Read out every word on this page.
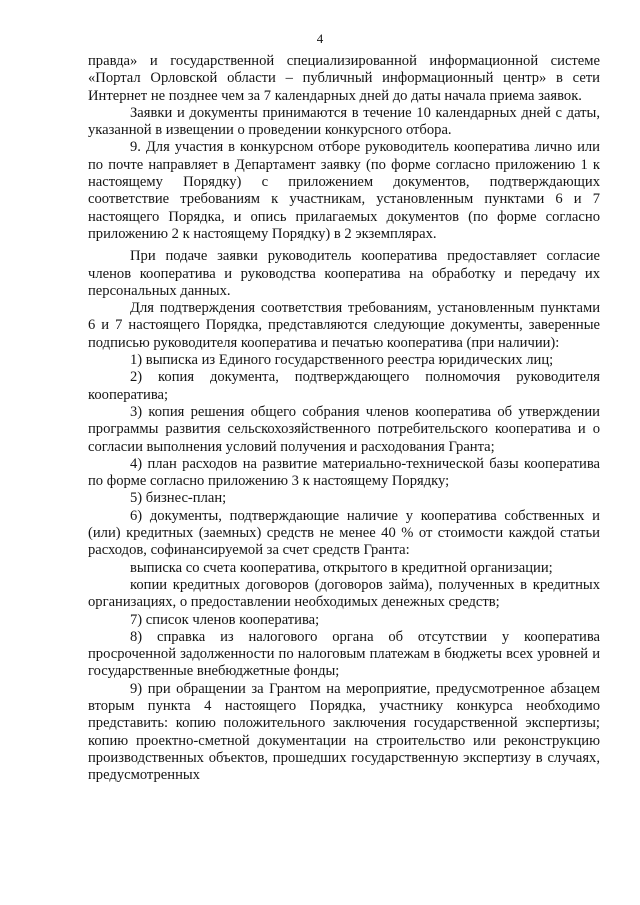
4

правда» и государственной специализированной информационной системе «Портал Орловской области – публичный информационный центр» в сети Интернет не позднее чем за 7 календарных дней до даты начала приема заявок.

Заявки и документы принимаются в течение 10 календарных дней с даты, указанной в извещении о проведении конкурсного отбора.

9. Для участия в конкурсном отборе руководитель кооператива лично или по почте направляет в Департамент заявку (по форме согласно приложению 1 к настоящему Порядку) с приложением документов, подтверждающих соответствие требованиям к участникам, установленным пунктами 6 и 7 настоящего Порядка, и опись прилагаемых документов (по форме согласно приложению 2 к настоящему Порядку) в 2 экземплярах.

При подаче заявки руководитель кооператива предоставляет согласие членов кооператива и руководства кооператива на обработку и передачу их персональных данных.

Для подтверждения соответствия требованиям, установленным пунктами 6 и 7 настоящего Порядка, представляются следующие документы, заверенные подписью руководителя кооператива и печатью кооператива (при наличии):

1) выписка из Единого государственного реестра юридических лиц;

2) копия документа, подтверждающего полномочия руководителя кооператива;

3) копия решения общего собрания членов кооператива об утверждении программы развития сельскохозяйственного потребительского кооператива и о согласии выполнения условий получения и расходования Гранта;

4) план расходов на развитие материально-технической базы кооператива по форме согласно приложению 3 к настоящему Порядку;

5) бизнес-план;

6) документы, подтверждающие наличие у кооператива собственных и (или) кредитных (заемных) средств не менее 40 % от стоимости каждой статьи расходов, софинансируемой за счет средств Гранта:

выписка со счета кооператива, открытого в кредитной организации;

копии кредитных договоров (договоров займа), полученных в кредитных организациях, о предоставлении необходимых денежных средств;

7) список членов кооператива;

8) справка из налогового органа об отсутствии у кооператива просроченной задолженности по налоговым платежам в бюджеты всех уровней и государственные внебюджетные фонды;

9) при обращении за Грантом на мероприятие, предусмотренное абзацем вторым пункта 4 настоящего Порядка, участнику конкурса необходимо представить: копию положительного заключения государственной экспертизы; копию проектно-сметной документации на строительство или реконструкцию производственных объектов, прошедших государственную экспертизу в случаях, предусмотренных
